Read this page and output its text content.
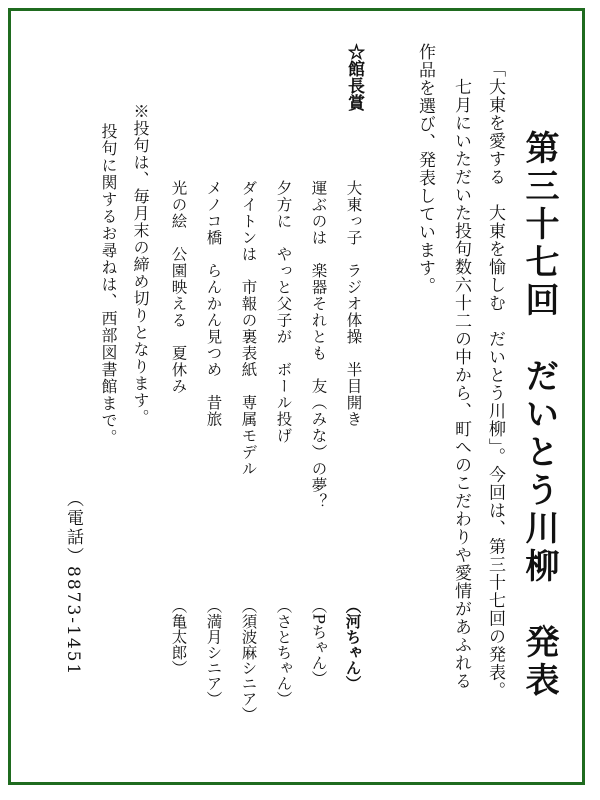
第三十七回　だいとう川柳　発表
「大東を愛する　大東を愉しむ　だいとう川柳」。今回は、第三十七回の発表。
七月にいただいた投句数六十二の中から、町へのこだわりや愛情があふれる
作品を選び、発表しています。
☆館長賞
大東っ子　ラジオ体操　半目開き
（河ちゃん）
運ぶのは　楽器それとも　友（みな）の夢？
（Pちゃん）
夕方に　やっと父子が　ボール投げ
（さとちゃん）
ダイトンは　市報の裏表紙　専属モデル
（須波麻シニア）
メノコ橋　らんかん見つめ　昔旅
（満月シニア）
光の絵　公園映える　夏休み
（亀太郎）
※投句は、毎月末の締め切りとなります。
投句に関するお尋ねは、西部図書館まで。
（電話）8873-1451
